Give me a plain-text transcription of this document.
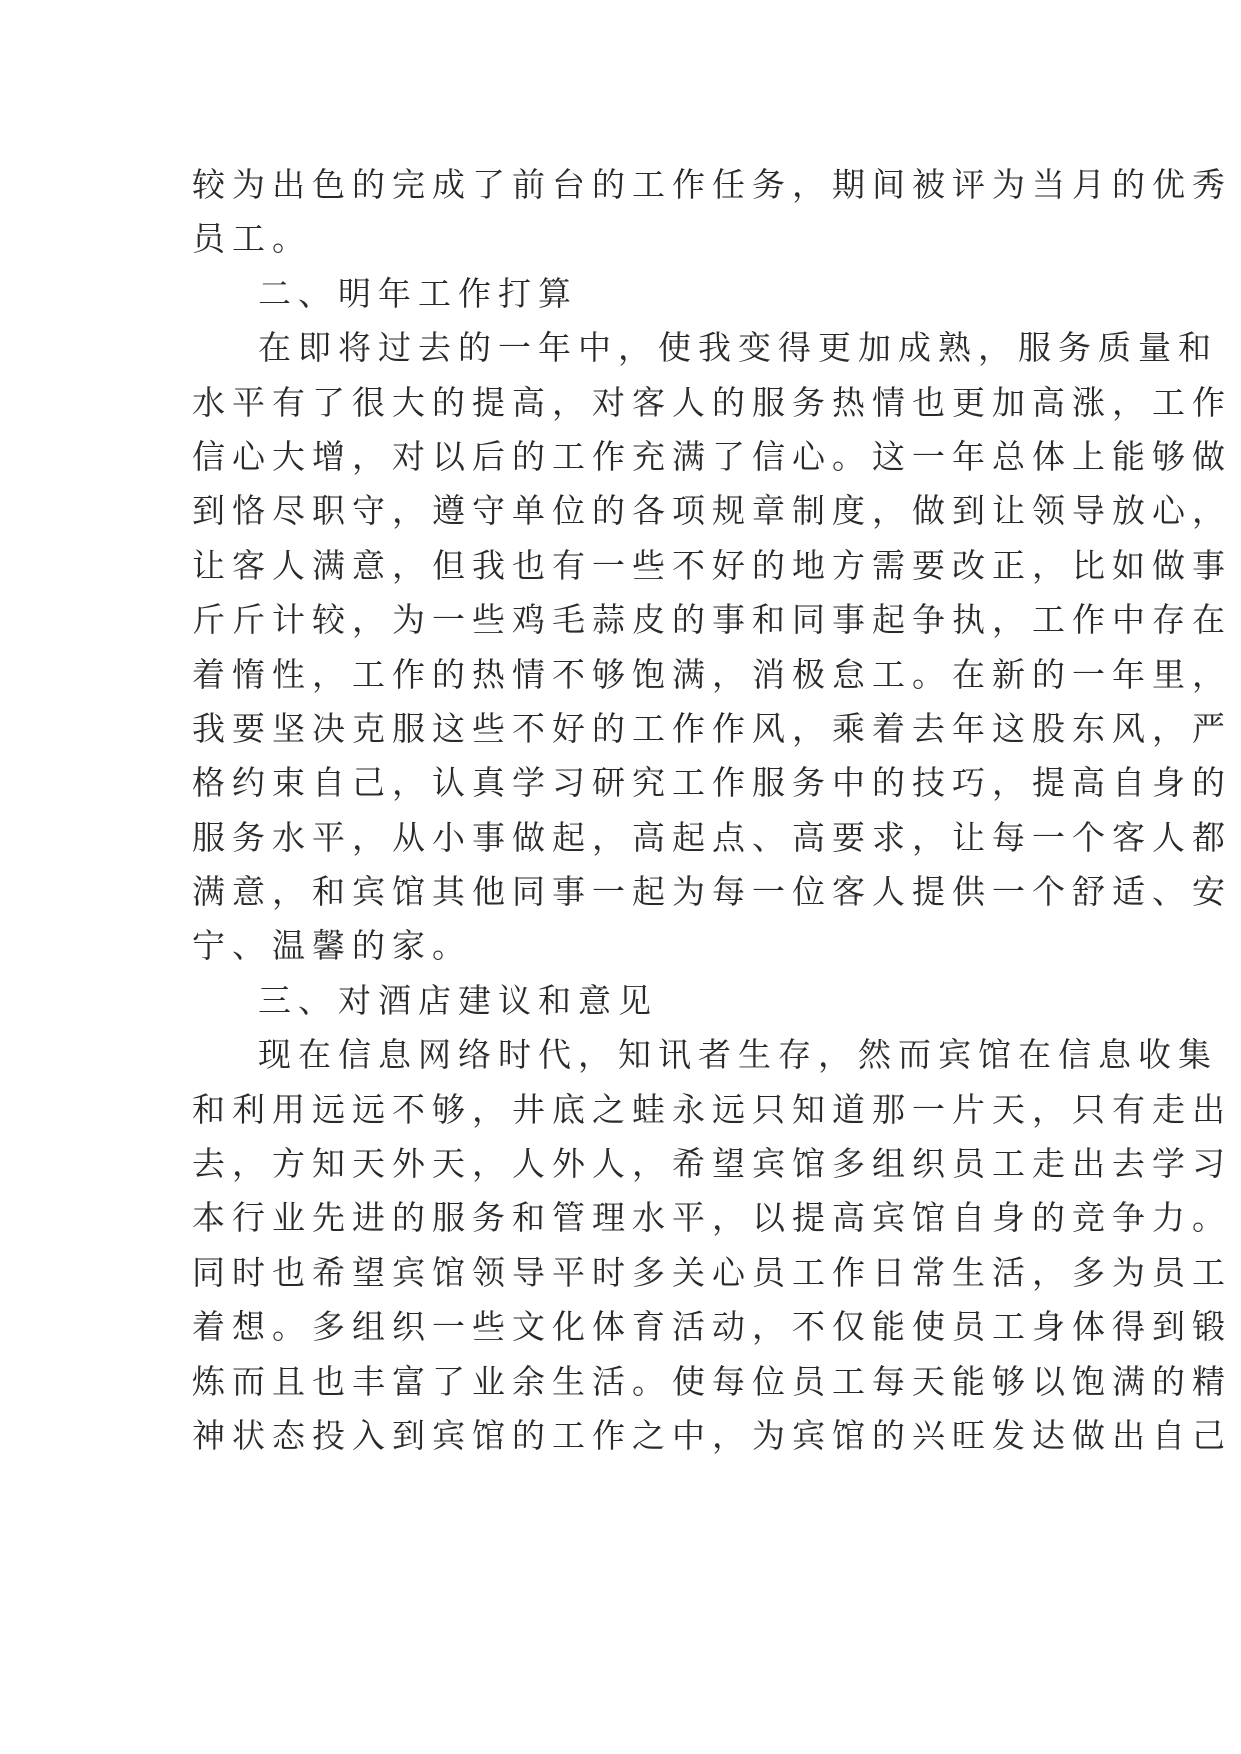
较为出色的完成了前台的工作任务，期间被评为当月的优秀
员工。
二、明年工作打算
在即将过去的一年中，使我变得更加成熟，服务质量和
水平有了很大的提高，对客人的服务热情也更加高涨，工作
信心大增，对以后的工作充满了信心。这一年总体上能够做
到恪尽职守，遵守单位的各项规章制度，做到让领导放心，
让客人满意，但我也有一些不好的地方需要改正，比如做事
斤斤计较，为一些鸡毛蒜皮的事和同事起争执，工作中存在
着惰性，工作的热情不够饱满，消极怠工。在新的一年里，
我要坚决克服这些不好的工作作风，乘着去年这股东风，严
格约束自己，认真学习研究工作服务中的技巧，提高自身的
服务水平，从小事做起，高起点、高要求，让每一个客人都
满意，和宾馆其他同事一起为每一位客人提供一个舒适、安
宁、温馨的家。
三、对酒店建议和意见
现在信息网络时代，知讯者生存，然而宾馆在信息收集
和利用远远不够，井底之蛙永远只知道那一片天，只有走出
去，方知天外天，人外人，希望宾馆多组织员工走出去学习
本行业先进的服务和管理水平，以提高宾馆自身的竞争力。
同时也希望宾馆领导平时多关心员工作日常生活，多为员工
着想。多组织一些文化体育活动，不仅能使员工身体得到锻
炼而且也丰富了业余生活。使每位员工每天能够以饱满的精
神状态投入到宾馆的工作之中，为宾馆的兴旺发达做出自己
